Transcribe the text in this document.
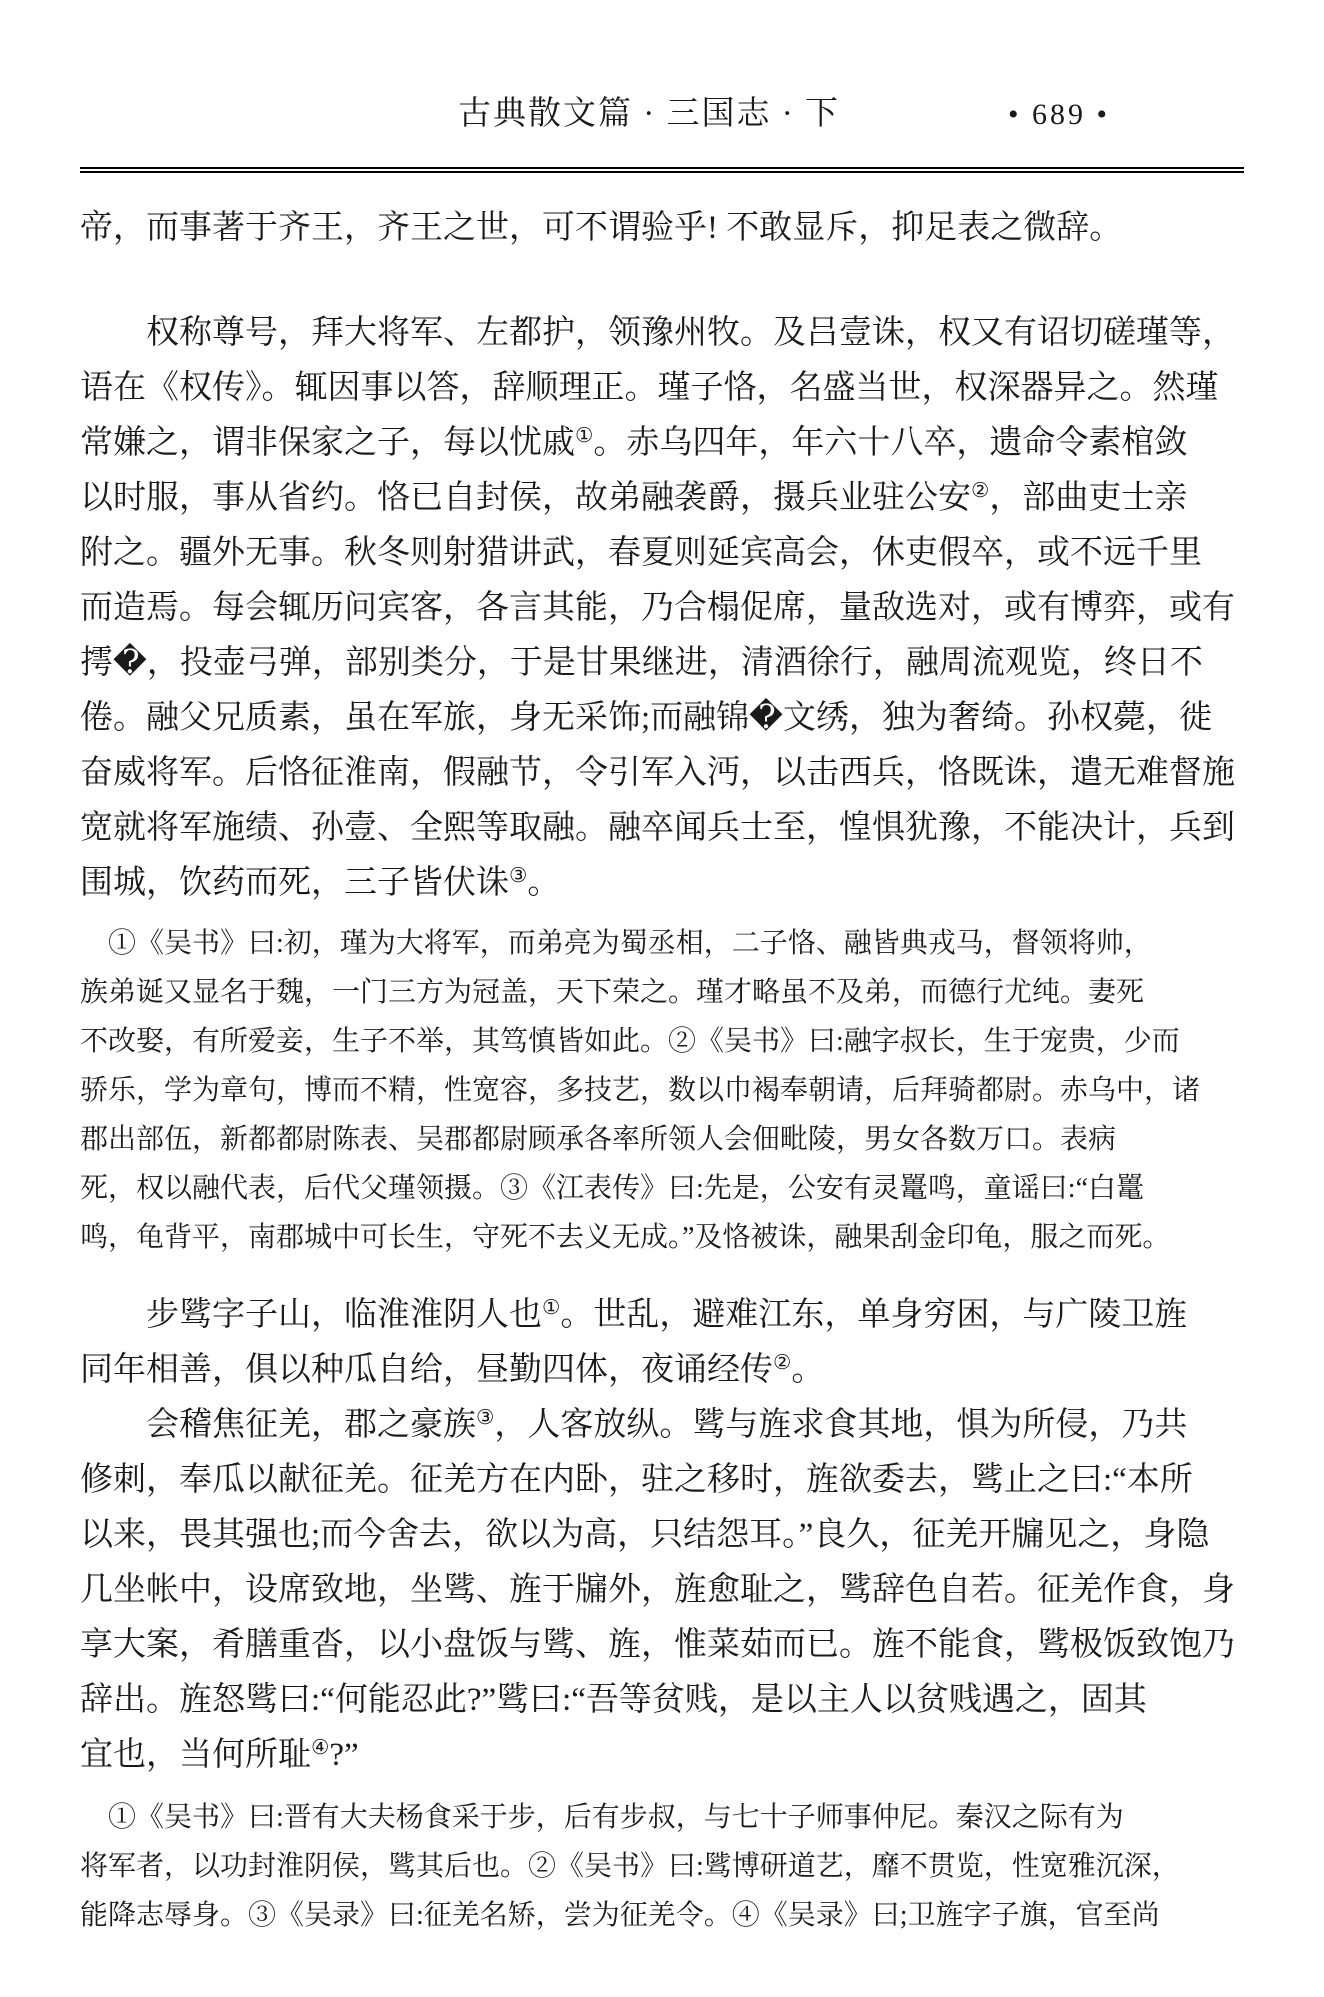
古典散文篇 · 三国志 · 下	• 689 •
帝，而事著于齐王，齐王之世，可不谓验乎! 不敢显斥，抑足表之微辞。
权称尊号，拜大将军、左都护，领豫州牧。及吕壹诛，权又有诏切磋瑾等，
语在《权传》。辄因事以答，辞顺理正。瑾子恪，名盛当世，权深器异之。然瑾
常嫌之，谓非保家之子，每以忧戚①。赤乌四年，年六十八卒，遗命令素棺敛
以时服，事从省约。恪已自封侯，故弟融袭爵，摄兵业驻公安②，部曲吏士亲
附之。疆外无事。秋冬则射猎讲武，春夏则延宾高会，休吏假卒，或不远千里
而造焉。每会辄历问宾客，各言其能，乃合榻促席，量敌选对，或有博弈，或有
摴�，投壶弓弹，部别类分，于是甘果继进，清酒徐行，融周流观览，终日不
倦。融父兄质素，虽在军旅，身无采饰;而融锦�文绣，独为奢绮。孙权薨，徙
奋威将军。后恪征淮南，假融节，令引军入沔，以击西兵，恪既诛，遣无难督施
宽就将军施绩、孙壹、全熙等取融。融卒闻兵士至，惶惧犹豫，不能决计，兵到
围城，饮药而死，三子皆伏诛③。
①《吴书》曰:初，瑾为大将军，而弟亮为蜀丞相，二子恪、融皆典戎马，督领将帅，
族弟诞又显名于魏，一门三方为冠盖，天下荣之。瑾才略虽不及弟，而德行尤纯。妻死
不改娶，有所爱妾，生子不举，其笃慎皆如此。②《吴书》曰:融字叔长，生于宠贵，少而
骄乐，学为章句，博而不精，性宽容，多技艺，数以巾褐奉朝请，后拜骑都尉。赤乌中，诸
郡出部伍，新都都尉陈表、吴郡都尉顾承各率所领人会佃毗陵，男女各数万口。表病
死，权以融代表，后代父瑾领摄。③《江表传》曰:先是，公安有灵鼍鸣，童谣曰:“白鼍
鸣，龟背平，南郡城中可长生，守死不去义无成。”及恪被诛，融果刮金印龟，服之而死。
步骘字子山，临淮淮阴人也①。世乱，避难江东，单身穷困，与广陵卫旌
同年相善，俱以种瓜自给，昼勤四体，夜诵经传②。
会稽焦征羌，郡之豪族③，人客放纵。骘与旌求食其地，惧为所侵，乃共
修刺，奉瓜以献征羌。征羌方在内卧，驻之移时，旌欲委去，骘止之曰:“本所
以来，畏其强也;而今舍去，欲以为高，只结怨耳。”良久，征羌开牖见之，身隐
几坐帐中，设席致地，坐骘、旌于牖外，旌愈耻之，骘辞色自若。征羌作食，身
享大案，肴膳重沓，以小盘饭与骘、旌，惟菜茹而已。旌不能食，骘极饭致饱乃
辞出。旌怒骘曰:“何能忍此?”骘曰:“吾等贫贱，是以主人以贫贱遇之，固其
宜也，当何所耻④?”
①《吴书》曰:晋有大夫杨食采于步，后有步叔，与七十子师事仲尼。秦汉之际有为
将军者，以功封淮阴侯，骘其后也。②《吴书》曰:骘博研道艺，靡不贯览，性宽雅沉深，
能降志辱身。③《吴录》曰:征羌名矫，尝为征羌令。④《吴录》曰;卫旌字子旗，官至尚
